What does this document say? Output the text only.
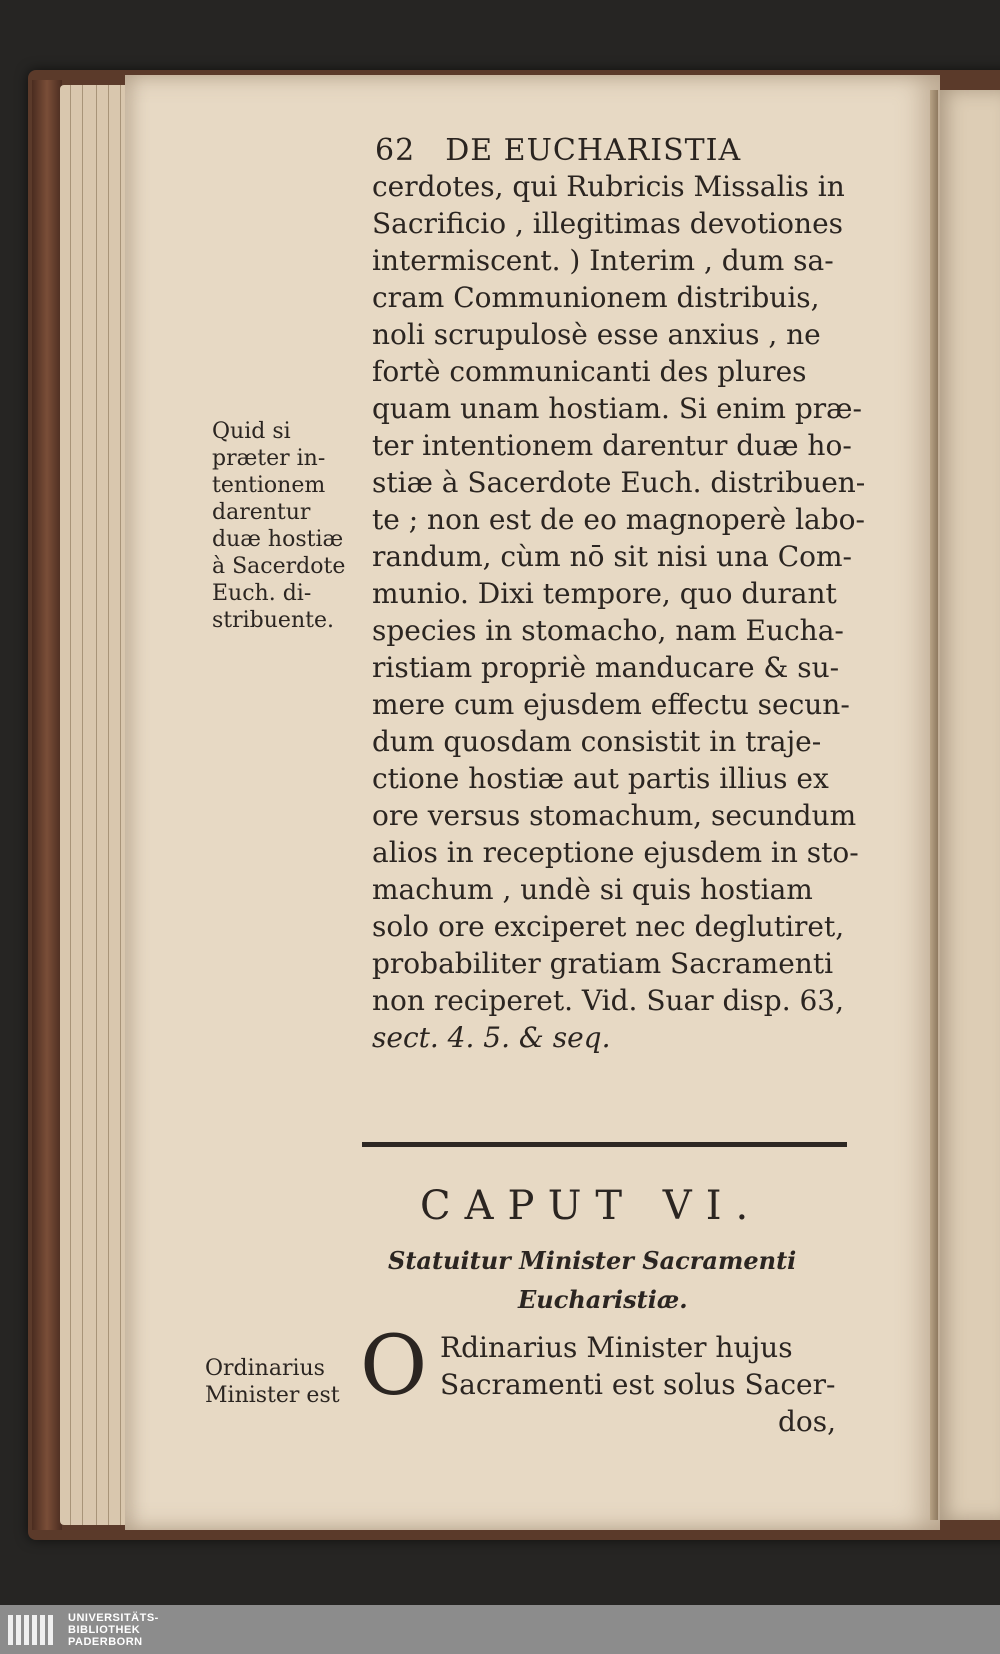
62 DE EUCHARISTIA
cerdotes, qui Rubricis Missalis in
Sacrificio , illegitimas devotiones
intermiscent. ) Interim , dum sa-
cram Communionem distribuis,
noli scrupulosè esse anxius , ne
fortè communicanti des plures
quam unam hostiam. Si enim præ-
ter intentionem darentur duæ ho-
stiæ à Sacerdote Euch. distribuen-
te ; non est de eo magnoperè labo-
randum, cùm nō sit nisi una Com-
munio. Dixi tempore, quo durant
species in stomacho, nam Eucha-
ristiam propriè manducare & su-
mere cum ejusdem effectu secun-
dum quosdam consistit in traje-
ctione hostiæ aut partis illius ex
ore versus stomachum, secundum
alios in receptione ejusdem in sto-
machum , undè si quis hostiam
solo ore exciperet nec deglutiret,
probabiliter gratiam Sacramenti
non reciperet. Vid. Suar disp. 63,
sect. 4. 5. & seq.
Quid si
præter in-
tentionem
darentur
duæ hostiæ
à Sacerdote
Euch. di-
stribuente.
CAPUT VI.
Statuitur Minister Sacramenti
Eucharistiæ.
O Rdinarius Minister hujus
Sacramenti est solus Sacer-
dos,
Ordinarius
Minister est
UNIVERSITÄTS-
BIBLIOTHEK
PADERBORN
